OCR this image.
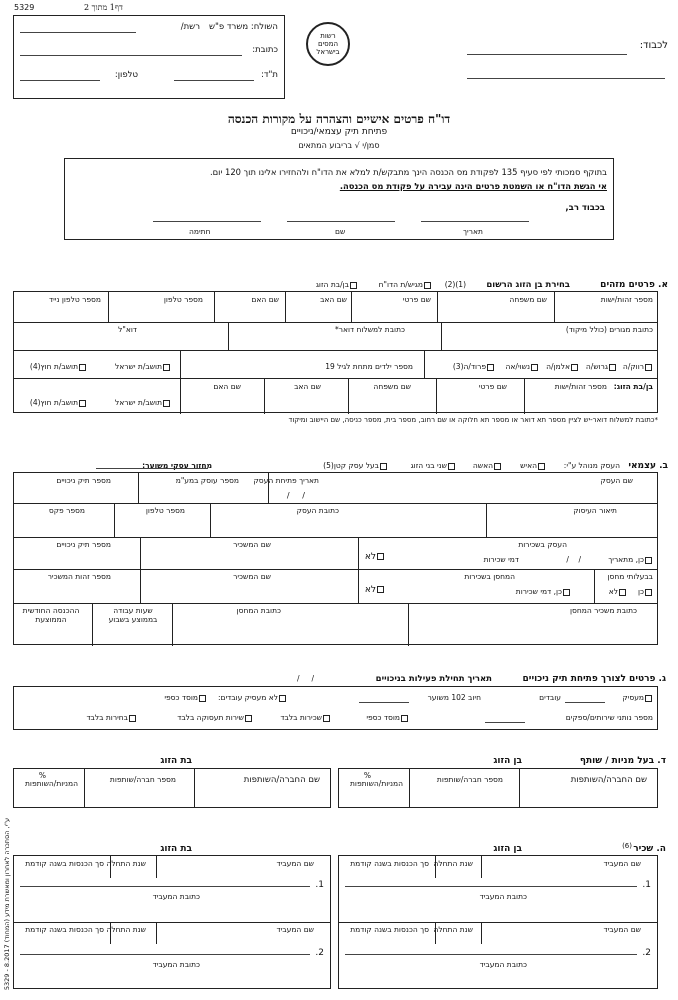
5329	דף1 מתוך 2
השולח: משרד פ"ש
רשת/
כתובת:
ת"ד:
טלפון:
רשות
המסים
בישראל
לכבוד:
דו"ח פרטים אישיים והצהרה על מקורות הכנסה
פתיחת תיק עצמאי/ניכויים
סמן/י √ בריבוע המתאים
בתוקף סמכותי לפי סעיף 135 לפקודת מס הכנסה הינך מתבקש/ת למלא את הדו"ח ולהחזירו אלינו תוך 120 יום.
אי הגשת הדו"ח או השמטת פרטים הינה עבירה על פקודת מס הכנסה.
בכבוד רב,
תאריך
שם
חתימה
א. פרטים מזהים
בחירת בן הזוג הרשום
(1)(2)
מגיש/ת הדו"ח
בן/בת הזוג
מספר זהות/ישות
שם משפחה
שם פרטי
שם האב
שם האם
מספר טלפון
מספר טלפון נייד
כתובת מגורים (כולל מיקוד)
כתובת למשלוח דואר*
דוא"ל
רווק/ה
גרוש/ה
אלמן/ה
נשוי/אה
פרוד/ה(3)
מספר ילדים מתחת לגיל 19
תושב/ת ישראל
תושב/ת חוץ(4)
בן/בת הזוג:
מספר זהות/ישות
שם פרטי
שם משפחה
שם האב
שם האם
תושב/ת ישראל
תושב/ת חוץ(4)
*כתובת למשלוח דואר-יש לציין מספר תא דואר או מספר תא חלוקה או שם רחוב, מספר בית, מספר כניסה, שם היישוב ומיקוד
ב. עצמאי
העסק מנוהל ע"י:
האיש
האשה
שני בני הזוג
בעל עסק קטן(5)
מחזור עסקי משוער:
שם העסק
תאריך פתיחת העסק
/     /
מספר עוסק במע"מ
מספר תיק ניכויים
תיאור העיסוק
כתובת העסק
מספר טלפון
מספר פקס
העסק בשכירות
כן, מתאריך
/    /
דמי שכירות
לא
שם המשכיר
מספר תיק ניכויים
בבעלותי מחסן
כן
לא
המחסן בשכירות
כן, דמי שכירות
לא
שם המשכיר
מספר זהות המשכיר
כתובת משכיר המחסן
כתובת המחסן
שעות עבודה בממוצע בשבוע
ההכנסה החודשית הממוצעת
ג. פרטים לצורך פתיחת תיק ניכויים
תאריך תחילת פעילות בניכויים
/     /
מעסיק
עובדים
חיוב 102 משוער
לא מעסיק עובדים:
מוסד כספי
מספר נותני שירותים/ספקים
מוסד כספי
שכירות בלבד
שירות תעסוקה בלבד
בחירות בלבד
ד. בעל מניות / שותף
בן הזוג
בת הזוג
שם החברה/השותפות
מספר חברה/שותפות
%
המניות/השותפות
שם החברה/השותפות
מספר חברה/שותפות
%
המניות/השותפות
ה. שכיר
(6)
בן הזוג
בת הזוג
שם המעביד
שנת התחלה
סך הכנסות בשנה קודמת
1.
כתובת המעביד
שם המעביד
שנת התחלה
סך הכנסות בשנה קודמת
2.
כתובת המעביד
שם המעביד
שנת התחלה
סך הכנסות בשנה קודמת
1.
כתובת המעביד
שם המעביד
שנת התחלה
סך הכנסות בשנה קודמת
2.
כתובת המעביד
ע"י, הסתכרה לאחרון ומאשרת מידע (המחוד) 8.2017 - 5329
